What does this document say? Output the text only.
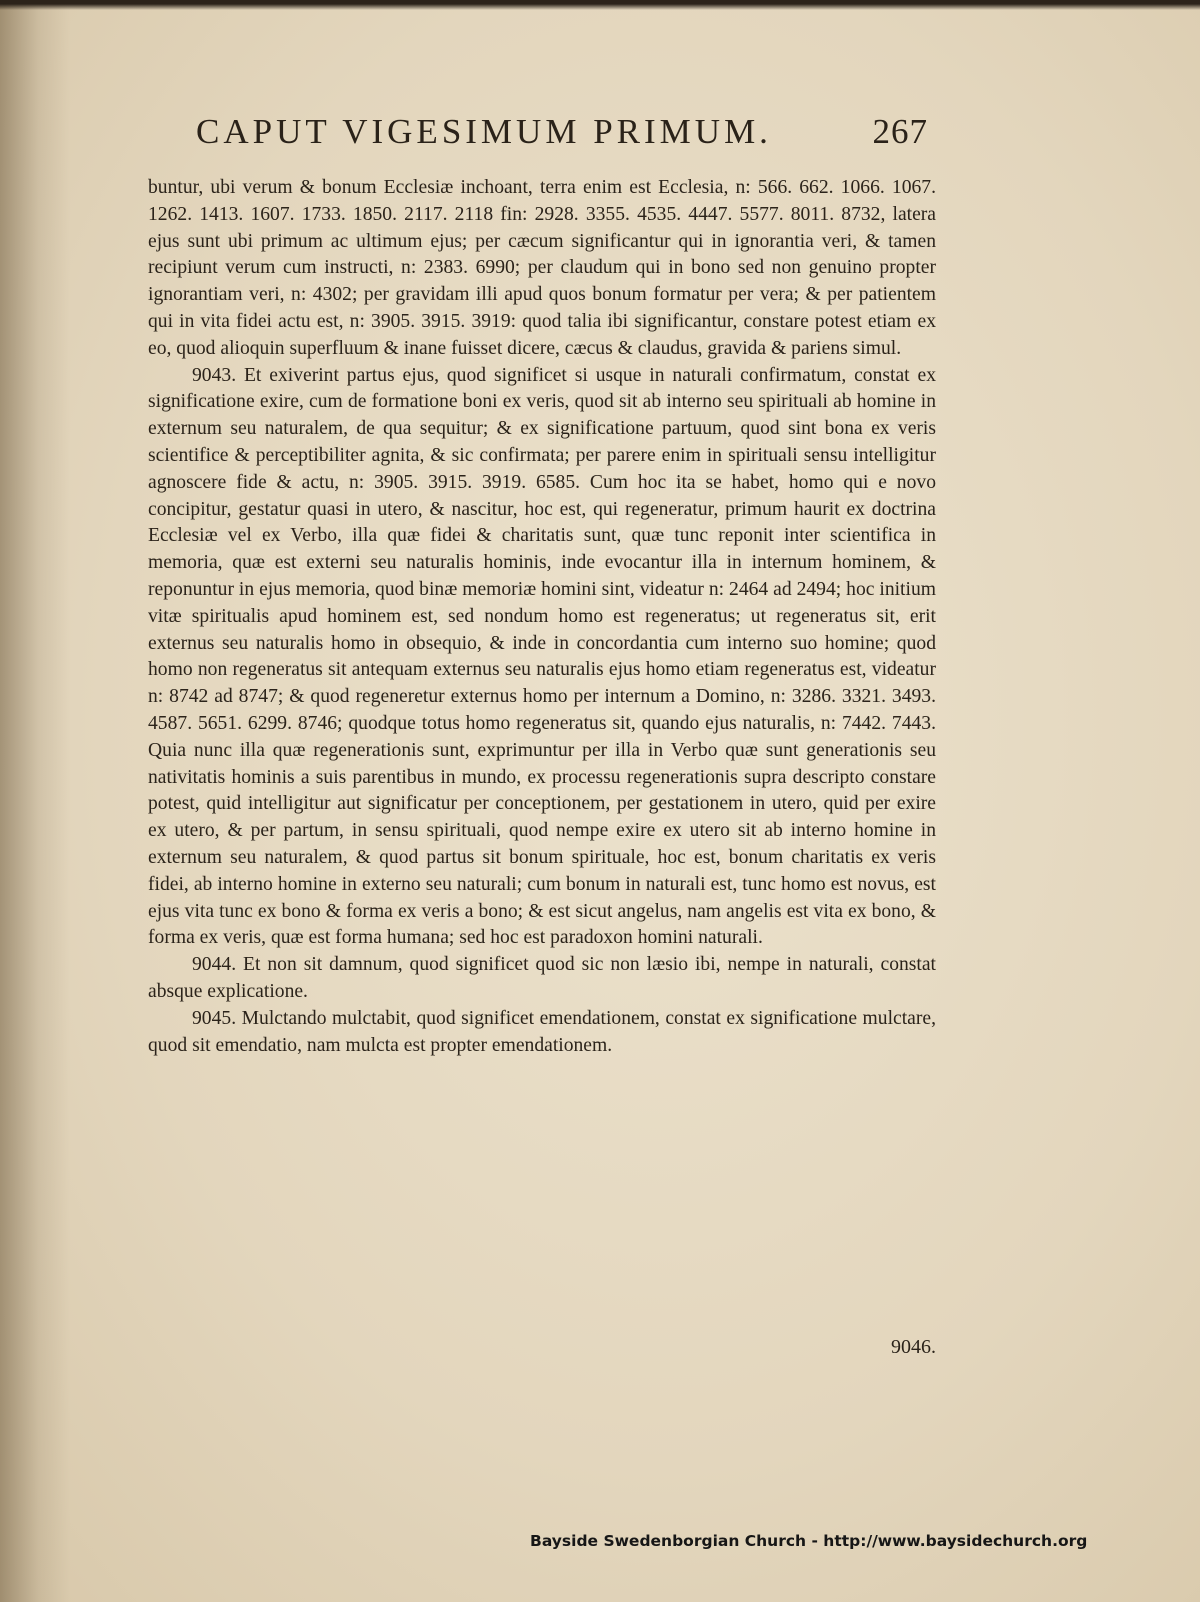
CAPUT VIGESIMUM PRIMUM.	267

buntur, ubi verum & bonum Ecclesiæ inchoant, terra enim est Ecclesia, n: 566. 662. 1066. 1067. 1262. 1413. 1607. 1733. 1850. 2117. 2118 fin: 2928. 3355. 4535. 4447. 5577. 8011. 8732, latera ejus sunt ubi primum ac ultimum ejus; per cæcum significantur qui in ignorantia veri, & tamen recipiunt verum cum instructi, n: 2383. 6990; per claudum qui in bono sed non genuino propter ignorantiam veri, n: 4302; per gravidam illi apud quos bonum formatur per vera; & per patientem qui in vita fidei actu est, n: 3905. 3915. 3919: quod talia ibi significantur, constare potest etiam ex eo, quod alioquin superfluum & inane fuisset dicere, cæcus & claudus, gravida & pariens simul.

9043. Et exiverint partus ejus, quod significet si usque in naturali confirmatum, constat ex significatione exire, cum de formatione boni ex veris, quod sit ab interno seu spirituali ab homine in externum seu naturalem, de qua sequitur; & ex significatione partuum, quod sint bona ex veris scientifice & perceptibiliter agnita, & sic confirmata; per parere enim in spirituali sensu intelligitur agnoscere fide & actu, n: 3905. 3915. 3919. 6585. Cum hoc ita se habet, homo qui e novo concipitur, gestatur quasi in utero, & nascitur, hoc est, qui regeneratur, primum haurit ex doctrina Ecclesiæ vel ex Verbo, illa quæ fidei & charitatis sunt, quæ tunc reponit inter scientifica in memoria, quæ est externi seu naturalis hominis, inde evocantur illa in internum hominem, & reponuntur in ejus memoria, quod binæ memoriæ homini sint, videatur n: 2464 ad 2494; hoc initium vitæ spiritualis apud hominem est, sed nondum homo est regeneratus; ut regeneratus sit, erit externus seu naturalis homo in obsequio, & inde in concordantia cum interno suo homine; quod homo non regeneratus sit antequam externus seu naturalis ejus homo etiam regeneratus est, videatur n: 8742 ad 8747; & quod regeneretur externus homo per internum a Domino, n: 3286. 3321. 3493. 4587. 5651. 6299. 8746; quodque totus homo regeneratus sit, quando ejus naturalis, n: 7442. 7443. Quia nunc illa quæ regenerationis sunt, exprimuntur per illa in Verbo quæ sunt generationis seu nativitatis hominis a suis parentibus in mundo, ex processu regenerationis supra descripto constare potest, quid intelligitur aut significatur per conceptionem, per gestationem in utero, quid per exire ex utero, & per partum, in sensu spirituali, quod nempe exire ex utero sit ab interno homine in externum seu naturalem, & quod partus sit bonum spirituale, hoc est, bonum charitatis ex veris fidei, ab interno homine in externo seu naturali; cum bonum in naturali est, tunc homo est novus, est ejus vita tunc ex bono & forma ex veris a bono; & est sicut angelus, nam angelis est vita ex bono, & forma ex veris, quæ est forma humana; sed hoc est paradoxon homini naturali.

9044. Et non sit damnum, quod significet quod sic non læsio ibi, nempe in naturali, constat absque explicatione.

9045. Mulctando mulctabit, quod significet emendationem, constat ex significatione mulctare, quod sit emendatio, nam mulcta est propter emendationem.

9046.
Bayside Swedenborgian Church - http://www.baysidechurch.org
